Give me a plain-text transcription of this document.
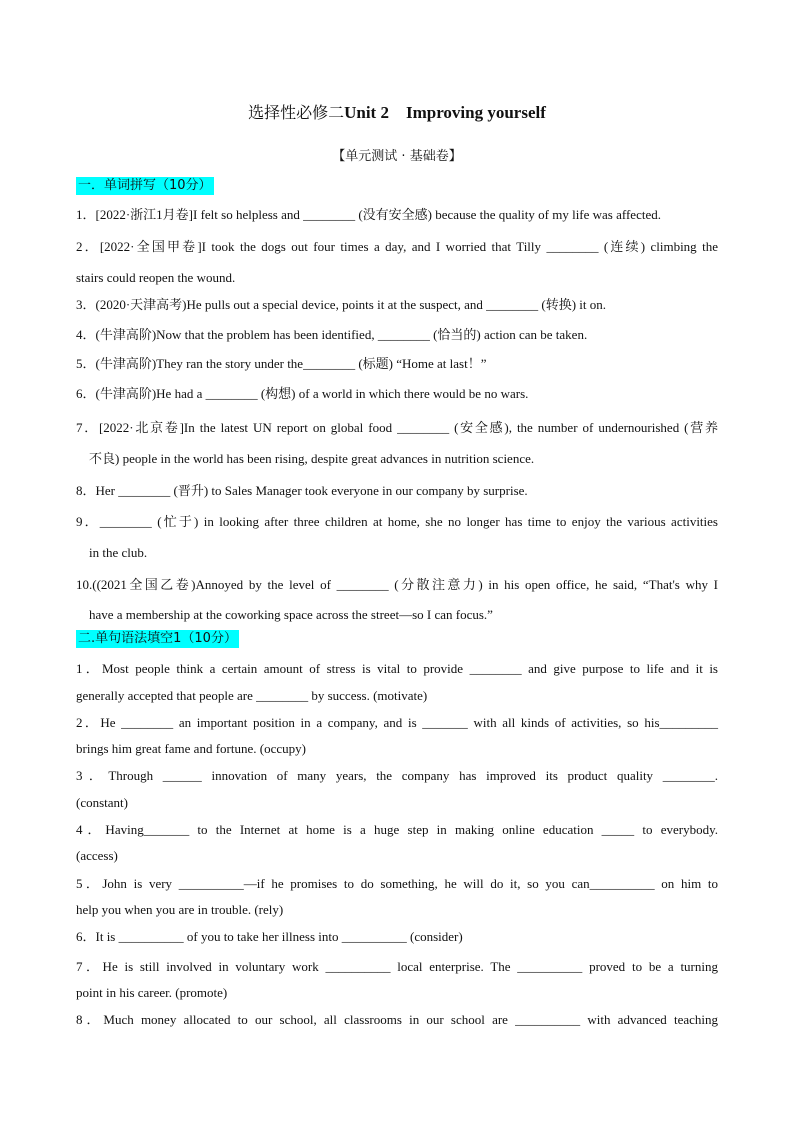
选择性必修二Unit 2    Improving yourself
【单元测试 · 基础卷】
一．单词拼写（10分）
1．[2022·浙江1月卷]I felt so helpless and ________ (没有安全感) because the quality of my life was affected.
2．[2022·全国甲卷]I took the dogs out four times a day, and I worried that Tilly ________ (连续) climbing the
stairs could reopen the wound.
3．(2020·天津高考)He pulls out a special device, points it at the suspect, and ________ (转换) it on.
4．(牛津高阶)Now that the problem has been identified, ________ (恰当的) action can be taken.
5．(牛津高阶)They ran the story under the________ (标题) “Home at last！”
6．(牛津高阶)He had a ________ (构想) of a world in which there would be no wars.
7．[2022·北京卷]In the latest UN report on global food ________ (安全感), the number of undernourished (营养
不良) people in the world has been rising, despite great advances in nutrition science.
8．Her ________ (晋升) to Sales Manager took everyone in our company by surprise.
9．________ (忙于) in looking after three children at home, she no longer has time to enjoy the various activities
in the club.
10.((2021全国乙卷)Annoyed by the level of ________ (分散注意力) in his open office, he said, “That's why I
have a membership at the coworking space across the street—so I can focus.”
二.单句语法填空1（10分）
1．Most people think a certain amount of stress is vital to provide ________ and give purpose to life and it is
generally accepted that people are ________ by success. (motivate)
2．He ________ an important position in a company, and is _______ with all kinds of activities, so his_________
brings him great fame and fortune. (occupy)
3．Through ______ innovation of many years, the company has improved its product quality ________.
(constant)
4．Having_______ to the Internet at home is a huge step in making online education _____ to everybody.
(access)
5．John is very __________—if he promises to do something, he will do it, so you can__________ on him to
help you when you are in trouble. (rely)
6．It is __________ of you to take her illness into __________ (consider)
7．He is still involved in voluntary work __________ local enterprise. The __________ proved to be a turning
point in his career. (promote)
8．Much money allocated to our school, all classrooms in our school are __________ with advanced teaching
